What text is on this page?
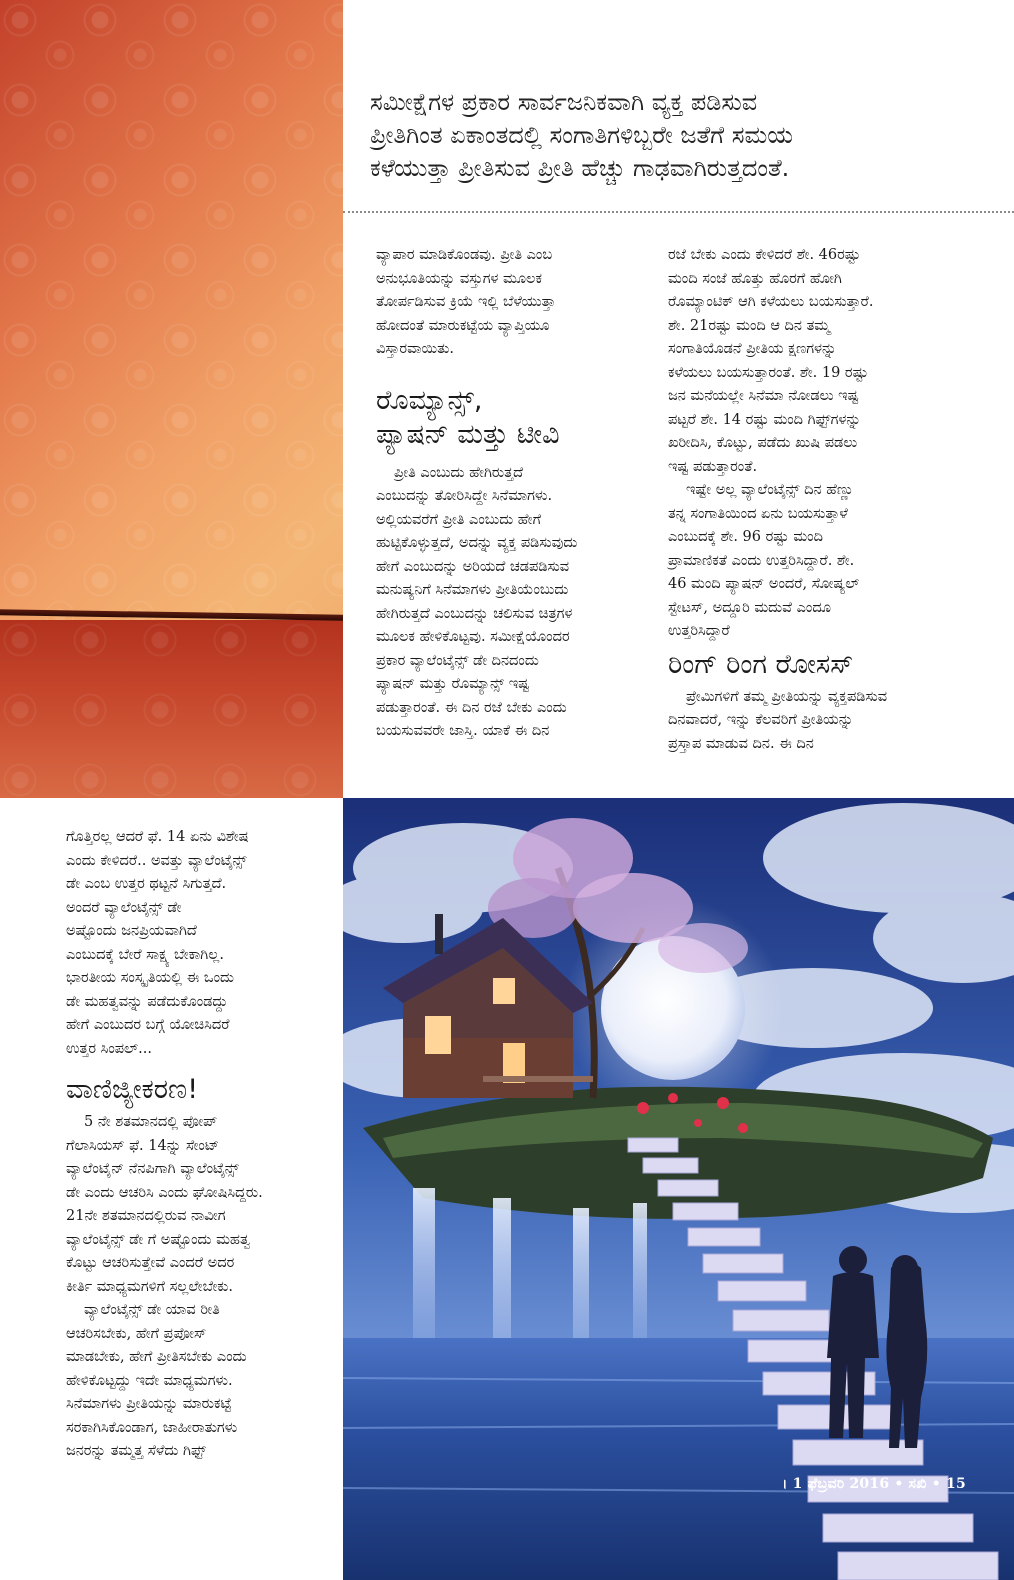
ಸಮೀಕ್ಷೆಗಳ ಪ್ರಕಾರ ಸಾರ್ವಜನಿಕವಾಗಿ ವ್ಯಕ್ತ ಪಡಿಸುವ
ಪ್ರೀತಿಗಿಂತ ಏಕಾಂತದಲ್ಲಿ ಸಂಗಾತಿಗಳಿಬ್ಬರೇ ಜತೆಗೆ ಸಮಯ
ಕಳೆಯುತ್ತಾ ಪ್ರೀತಿಸುವ ಪ್ರೀತಿ ಹೆಚ್ಚು ಗಾಢವಾಗಿರುತ್ತದಂತೆ.

ವ್ಯಾಪಾರ ಮಾಡಿಕೊಂಡವು. ಪ್ರೀತಿ ಎಂಬ

ಅನುಭೂತಿಯನ್ನು ವಸ್ತುಗಳ ಮೂಲಕ

ತೋರ್ಪಡಿಸುವ ಕ್ರಿಯೆ ಇಲ್ಲಿ ಬೆಳೆಯುತ್ತಾ

ಹೋದಂತೆ ಮಾರುಕಟ್ಟೆಯ ವ್ಯಾಪ್ತಿಯೂ

ವಿಸ್ತಾರವಾಯಿತು.

ರೊಮ್ಯಾನ್ಸ್,
ಪ್ಯಾಷನ್ ಮತ್ತು ಟೀವಿ

ಪ್ರೀತಿ ಎಂಬುದು ಹೇಗಿರುತ್ತದೆ

ಎಂಬುದನ್ನು ತೋರಿಸಿದ್ದೇ ಸಿನೆಮಾಗಳು.

ಅಲ್ಲಿಯವರೆಗೆ ಪ್ರೀತಿ ಎಂಬುದು ಹೇಗೆ

ಹುಟ್ಟಿಕೊಳ್ಳುತ್ತದೆ, ಅದನ್ನು ವ್ಯಕ್ತ ಪಡಿಸುವುದು

ಹೇಗೆ ಎಂಬುದನ್ನು ಅರಿಯದೆ ಚಡಪಡಿಸುವ

ಮನುಷ್ಯನಿಗೆ ಸಿನೆಮಾಗಳು ಪ್ರೀತಿಯೆಂಬುದು

ಹೇಗಿರುತ್ತದೆ ಎಂಬುದನ್ನು ಚಲಿಸುವ ಚಿತ್ರಗಳ

ಮೂಲಕ ಹೇಳಿಕೊಟ್ಟವು. ಸಮೀಕ್ಷೆಯೊಂದರ

ಪ್ರಕಾರ ವ್ಯಾಲೆಂಟೈನ್ಸ್ ಡೇ ದಿನದಂದು

ಪ್ಯಾಷನ್ ಮತ್ತು ರೊಮ್ಯಾನ್ಸ್ ಇಷ್ಟ

ಪಡುತ್ತಾರಂತೆ. ಈ ದಿನ ರಜೆ ಬೇಕು ಎಂದು

ಬಯಸುವವರೇ ಜಾಸ್ತಿ. ಯಾಕೆ ಈ ದಿನ

ರಜೆ ಬೇಕು ಎಂದು ಕೇಳಿದರೆ ಶೇ. 46ರಷ್ಟು

ಮಂದಿ ಸಂಜೆ ಹೊತ್ತು ಹೊರಗೆ ಹೋಗಿ

ರೊಮ್ಯಾಂಟಿಕ್ ಆಗಿ ಕಳೆಯಲು ಬಯಸುತ್ತಾರೆ.

ಶೇ. 21ರಷ್ಟು ಮಂದಿ ಆ ದಿನ ತಮ್ಮ

ಸಂಗಾತಿಯೊಡನೆ ಪ್ರೀತಿಯ ಕ್ಷಣಗಳನ್ನು

ಕಳೆಯಲು ಬಯಸುತ್ತಾರಂತೆ. ಶೇ. 19 ರಷ್ಟು

ಜನ ಮನೆಯಲ್ಲೇ ಸಿನೆಮಾ ನೋಡಲು ಇಷ್ಟ

ಪಟ್ಟರೆ ಶೇ. 14 ರಷ್ಟು ಮಂದಿ ಗಿಫ್ಟ್‌ಗಳನ್ನು

ಖರೀದಿಸಿ, ಕೊಟ್ಟು, ಪಡೆದು ಖುಷಿ ಪಡಲು

ಇಷ್ಟ ಪಡುತ್ತಾರಂತೆ.

ಇಷ್ಟೇ ಅಲ್ಲ ವ್ಯಾಲೆಂಟೈನ್ಸ್ ದಿನ ಹೆಣ್ಣು

ತನ್ನ ಸಂಗಾತಿಯಿಂದ ಏನು ಬಯಸುತ್ತಾಳೆ

ಎಂಬುದಕ್ಕೆ ಶೇ. 96 ರಷ್ಟು ಮಂದಿ

ಪ್ರಾಮಾಣಿಕತೆ ಎಂದು ಉತ್ತರಿಸಿದ್ದಾರೆ. ಶೇ.

46 ಮಂದಿ ಪ್ಯಾಷನ್ ಅಂದರೆ, ಸೋಷ್ಯಲ್

ಸ್ಟೇಟಸ್, ಅದ್ದೂರಿ ಮದುವೆ ಎಂದೂ

ಉತ್ತರಿಸಿದ್ದಾರೆ

ರಿಂಗ್ ರಿಂಗ ರೋಸಸ್

ಪ್ರೇಮಿಗಳಿಗೆ ತಮ್ಮ ಪ್ರೀತಿಯನ್ನು ವ್ಯಕ್ತಪಡಿಸುವ

ದಿನವಾದರೆ, ಇನ್ನು ಕೆಲವರಿಗೆ ಪ್ರೀತಿಯನ್ನು

ಪ್ರಸ್ತಾಪ ಮಾಡುವ ದಿನ. ಈ ದಿನ

ಗೊತ್ತಿರಲ್ಲ ಆದರೆ ಫೆ. 14 ಏನು ವಿಶೇಷ

ಎಂದು ಕೇಳಿದರೆ.. ಅವತ್ತು ವ್ಯಾಲೆಂಟೈನ್ಸ್

ಡೇ ಎಂಬ ಉತ್ತರ ಥಟ್ಟನೆ ಸಿಗುತ್ತದೆ.

ಅಂದರೆ ವ್ಯಾಲೆಂಟೈನ್ಸ್ ಡೇ

ಅಷ್ಟೊಂದು ಜನಪ್ರಿಯವಾಗಿದೆ

ಎಂಬುದಕ್ಕೆ ಬೇರೆ ಸಾಕ್ಷ್ಯ ಬೇಕಾಗಿಲ್ಲ.

ಭಾರತೀಯ ಸಂಸ್ಕೃತಿಯಲ್ಲಿ ಈ ಒಂದು

ಡೇ ಮಹತ್ವವನ್ನು ಪಡೆದುಕೊಂಡದ್ದು

ಹೇಗೆ ಎಂಬುದರ ಬಗ್ಗೆ ಯೋಚಿಸಿದರೆ

ಉತ್ತರ ಸಿಂಪಲ್...

ವಾಣಿಜ್ಯೀಕರಣ!

5 ನೇ ಶತಮಾನದಲ್ಲಿ ಪೋಪ್

ಗೆಲಾಸಿಯಸ್ ಫೆ. 14ನ್ನು ಸೇಂಟ್

ವ್ಯಾಲೆಂಟೈನ್ ನೆನಪಿಗಾಗಿ ವ್ಯಾಲೆಂಟೈನ್ಸ್

ಡೇ ಎಂದು ಆಚರಿಸಿ ಎಂದು ಘೋಷಿಸಿದ್ದರು.

21ನೇ ಶತಮಾನದಲ್ಲಿರುವ ನಾವೀಗ

ವ್ಯಾಲೆಂಟೈನ್ಸ್ ಡೇ ಗೆ ಅಷ್ಟೊಂದು ಮಹತ್ವ

ಕೊಟ್ಟು ಆಚರಿಸುತ್ತೇವೆ ಎಂದರೆ ಅದರ

ಕೀರ್ತಿ ಮಾಧ್ಯಮಗಳಿಗೆ ಸಲ್ಲಲೇಬೇಕು.

ವ್ಯಾಲೆಂಟೈನ್ಸ್ ಡೇ ಯಾವ ರೀತಿ

ಆಚರಿಸಬೇಕು, ಹೇಗೆ ಪ್ರಪೋಸ್

ಮಾಡಬೇಕು, ಹೇಗೆ ಪ್ರೀತಿಸಬೇಕು ಎಂದು

ಹೇಳಿಕೊಟ್ಟದ್ದು ಇದೇ ಮಾಧ್ಯಮಗಳು.

ಸಿನೆಮಾಗಳು ಪ್ರೀತಿಯನ್ನು ಮಾರುಕಟ್ಟೆ

ಸರಕಾಗಿಸಿಕೊಂಡಾಗ, ಜಾಹೀರಾತುಗಳು

ಜನರನ್ನು ತಮ್ಮತ್ತ ಸೆಳೆದು ಗಿಫ್ಟ್

। 1 ಫೆಬ್ರವರಿ 2016 • ಸಖಿ • 15
